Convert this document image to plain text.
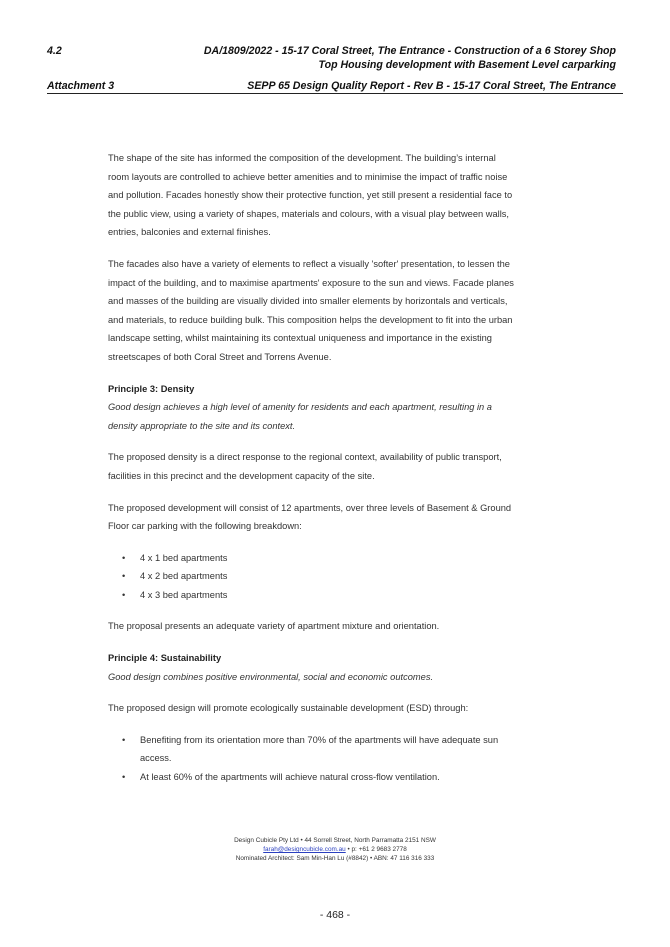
4.2	DA/1809/2022 - 15-17 Coral Street, The Entrance - Construction of a 6 Storey Shop
Top Housing development with Basement Level carparking
Attachment 3	SEPP 65 Design Quality Report - Rev B - 15-17 Coral Street, The Entrance

The shape of the site has informed the composition of the development. The building’s internal
room layouts are controlled to achieve better amenities and to minimise the impact of traffic noise
and pollution. Facades honestly show their protective function, yet still present a residential face to
the public view, using a variety of shapes, materials and colours, with a visual play between walls,
entries, balconies and external finishes.

The facades also have a variety of elements to reflect a visually 'softer' presentation, to lessen the
impact of the building, and to maximise apartments' exposure to the sun and views. Facade planes
and masses of the building are visually divided into smaller elements by horizontals and verticals,
and materials, to reduce building bulk. This composition helps the development to fit into the urban
landscape setting, whilst maintaining its contextual uniqueness and importance in the existing
streetscapes of both Coral Street and Torrens Avenue.

Principle 3: Density

Good design achieves a high level of amenity for residents and each apartment, resulting in a
density appropriate to the site and its context.

The proposed density is a direct response to the regional context, availability of public transport,
facilities in this precinct and the development capacity of the site.

The proposed development will consist of 12 apartments, over three levels of Basement & Ground
Floor car parking with the following breakdown:

• 4 x 1 bed apartments
• 4 x 2 bed apartments
• 4 x 3 bed apartments

The proposal presents an adequate variety of apartment mixture and orientation.

Principle 4: Sustainability

Good design combines positive environmental, social and economic outcomes.

The proposed design will promote ecologically sustainable development (ESD) through:

• Benefiting from its orientation more than 70% of the apartments will have adequate sun
access.
• At least 60% of the apartments will achieve natural cross-flow ventilation.
Design Cubicle Pty Ltd • 44 Sorrell Street, North Parramatta 2151 NSW
farah@designcubicle.com.au • p: +61 2 9683 2778
Nominated Architect: Sam Min-Han Lu (#8842) • ABN: 47 116 316 333
- 468 -
